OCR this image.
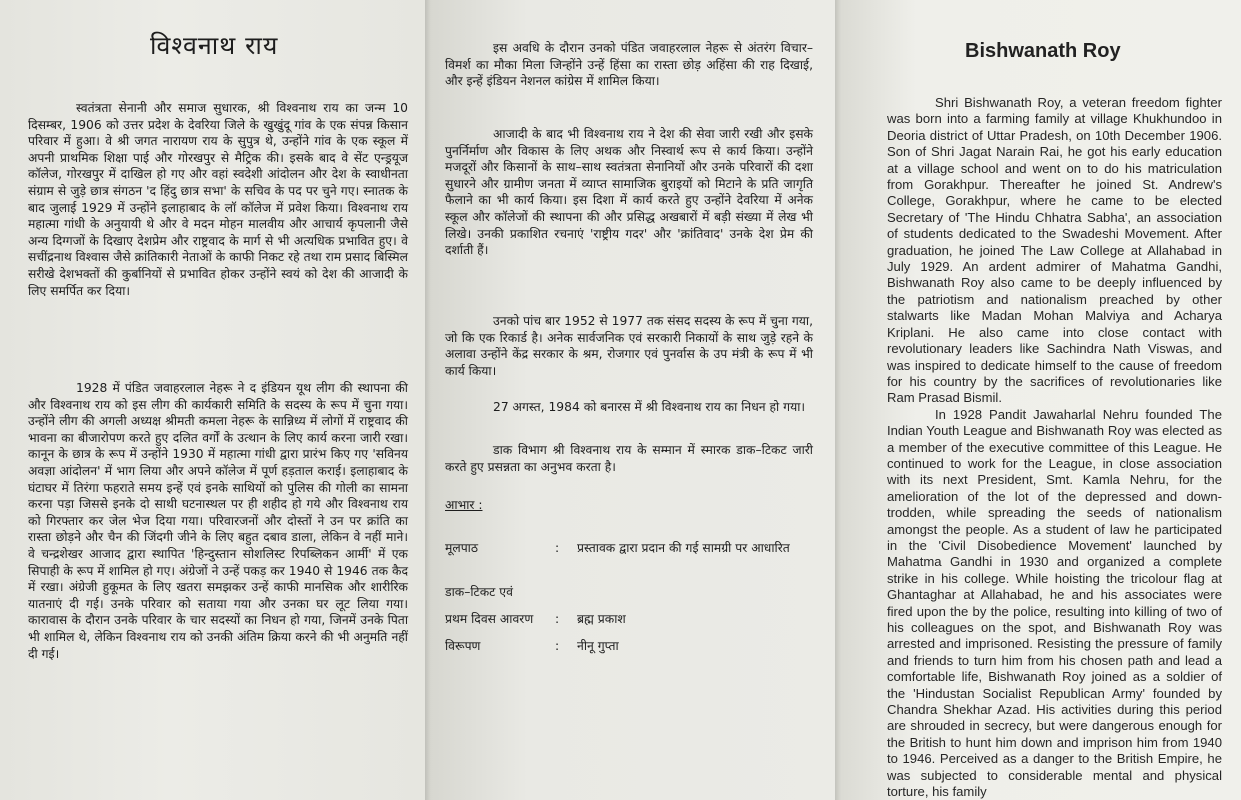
विश्वनाथ राय

स्वतंत्रता सेनानी और समाज सुधारक, श्री विश्वनाथ राय का जन्म 10 दिसम्बर, 1906 को उत्तर प्रदेश के देवरिया जिले के खुखुंदू गांव के एक संपन्न किसान परिवार में हुआ। वे श्री जगत नारायण राय के सुपुत्र थे, उन्होंने गांव के एक स्कूल में अपनी प्राथमिक शिक्षा पाई और गोरखपुर से मैट्रिक की। इसके बाद वे सेंट एन्ड्रयूज कॉलेज, गोरखपुर में दाखिल हो गए और वहां स्वदेशी आंदोलन और देश के स्वाधीनता संग्राम से जुड़े छात्र संगठन 'द हिंदु छात्र सभा' के सचिव के पद पर चुने गए। स्नातक के बाद जुलाई 1929 में उन्होंने इलाहाबाद के लॉ कॉलेज में प्रवेश किया। विश्वनाथ राय महात्मा गांधी के अनुयायी थे और वे मदन मोहन मालवीय और आचार्य कृपलानी जैसे अन्य दिग्गजों के दिखाए देशप्रेम और राष्ट्रवाद के मार्ग से भी अत्यधिक प्रभावित हुए। वे सचींद्रनाथ विश्वास जैसे क्रांतिकारी नेताओं के काफी निकट रहे तथा राम प्रसाद बिस्मिल सरीखे देशभक्तों की कुर्बानियों से प्रभावित होकर उन्होंने स्वयं को देश की आजादी के लिए समर्पित कर दिया।

1928 में पंडित जवाहरलाल नेहरू ने द इंडियन यूथ लीग की स्थापना की और विश्वनाथ राय को इस लीग की कार्यकारी समिति के सदस्य के रूप में चुना गया। उन्होंने लीग की अगली अध्यक्ष श्रीमती कमला नेहरू के सान्निध्य में लोगों में राष्ट्रवाद की भावना का बीजारोपण करते हुए दलित वर्गों के उत्थान के लिए कार्य करना जारी रखा। कानून के छात्र के रूप में उन्होंने 1930 में महात्मा गांधी द्वारा प्रारंभ किए गए 'सविनय अवज्ञा आंदोलन' में भाग लिया और अपने कॉलेज में पूर्ण हड़ताल कराई। इलाहाबाद के घंटाघर में तिरंगा फहराते समय इन्हें एवं इनके साथियों को पुलिस की गोली का सामना करना पड़ा जिससे इनके दो साथी घटनास्थल पर ही शहीद हो गये और विश्वनाथ राय को गिरफ्तार कर जेल भेज दिया गया। परिवारजनों और दोस्तों ने उन पर क्रांति का रास्ता छोड़ने और चैन की जिंदगी जीने के लिए बहुत दबाव डाला, लेकिन वे नहीं माने। वे चन्द्रशेखर आजाद द्वारा स्थापित 'हिन्दुस्तान सोशलिस्ट रिपब्लिकन आर्मी' में एक सिपाही के रूप में शामिल हो गए। अंग्रेजों ने उन्हें पकड़ कर 1940 से 1946 तक कैद में रखा। अंग्रेजी हुकूमत के लिए खतरा समझकर उन्हें काफी मानसिक और शारीरिक यातनाएं दी गई। उनके परिवार को सताया गया और उनका घर लूट लिया गया। कारावास के दौरान उनके परिवार के चार सदस्यों का निधन हो गया, जिनमें उनके पिता भी शामिल थे, लेकिन विश्वनाथ राय को उनकी अंतिम क्रिया करने की भी अनुमति नहीं दी गई।

इस अवधि के दौरान उनको पंडित जवाहरलाल नेहरू से अंतरंग विचार–विमर्श का मौका मिला जिन्होंने उन्हें हिंसा का रास्ता छोड़ अहिंसा की राह दिखाई, और इन्हें इंडियन नेशनल कांग्रेस में शामिल किया।

आजादी के बाद भी विश्वनाथ राय ने देश की सेवा जारी रखी और इसके पुनर्निर्माण और विकास के लिए अथक और निस्वार्थ रूप से कार्य किया। उन्होंने मजदूरों और किसानों के साथ–साथ स्वतंत्रता सेनानियों और उनके परिवारों की दशा सुधारने और ग्रामीण जनता में व्याप्त सामाजिक बुराइयों को मिटाने के प्रति जागृति फैलाने का भी कार्य किया। इस दिशा में कार्य करते हुए उन्होंने देवरिया में अनेक स्कूल और कॉलेजों की स्थापना की और प्रसिद्ध अखबारों में बड़ी संख्या में लेख भी लिखे। उनकी प्रकाशित रचनाएं 'राष्ट्रीय गदर' और 'क्रांतिवाद' उनके देश प्रेम की दर्शाती हैं।

उनको पांच बार 1952 से 1977 तक संसद सदस्य के रूप में चुना गया, जो कि एक रिकार्ड है। अनेक सार्वजनिक एवं सरकारी निकायों के साथ जुड़े रहने के अलावा उन्होंने केंद्र सरकार के श्रम, रोजगार एवं पुनर्वास के उप मंत्री के रूप में भी कार्य किया।

27 अगस्त, 1984 को बनारस में श्री विश्वनाथ राय का निधन हो गया।

डाक विभाग श्री विश्वनाथ राय के सम्मान में स्मारक डाक–टिकट जारी करते हुए प्रसन्नता का अनुभव करता है।

आभार :
मूलपाठ	: प्रस्तावक द्वारा प्रदान की गई सामग्री पर आधारित
डाक–टिकट एवं
प्रथम दिवस आवरण : ब्रह्म प्रकाश
विरूपण	: नीनू गुप्ता
Bishwanath Roy

Shri Bishwanath Roy, a veteran freedom fighter was born into a farming family at village Khukhundoo in Deoria district of Uttar Pradesh, on 10th December 1906. Son of Shri Jagat Narain Rai, he got his early education at a village school and went on to do his matriculation from Gorakhpur. Thereafter he joined St. Andrew's College, Gorakhpur, where he came to be elected Secretary of 'The Hindu Chhatra Sabha', an association of students dedicated to the Swadeshi Movement. After graduation, he joined The Law College at Allahabad in July 1929. An ardent admirer of Mahatma Gandhi, Bishwanath Roy also came to be deeply influenced by the patriotism and nationalism preached by other stalwarts like Madan Mohan Malviya and Acharya Kriplani. He also came into close contact with revolutionary leaders like Sachindra Nath Viswas, and was inspired to dedicate himself to the cause of freedom for his country by the sacrifices of revolutionaries like Ram Prasad Bismil.

In 1928 Pandit Jawaharlal Nehru founded The Indian Youth League and Bishwanath Roy was elected as a member of the executive committee of this League. He continued to work for the League, in close association with its next President, Smt. Kamla Nehru, for the amelioration of the lot of the depressed and down-trodden, while spreading the seeds of nationalism amongst the people. As a student of law he participated in the 'Civil Disobedience Movement' launched by Mahatma Gandhi in 1930 and organized a complete strike in his college. While hoisting the tricolour flag at Ghantaghar at Allahabad, he and his associates were fired upon the by the police, resulting into killing of two of his colleagues on the spot, and Bishwanath Roy was arrested and imprisoned. Resisting the pressure of family and friends to turn him from his chosen path and lead a comfortable life, Bishwanath Roy joined as a soldier of the 'Hindustan Socialist Republican Army' founded by Chandra Shekhar Azad. His activities during this period are shrouded in secrecy, but were dangerous enough for the British to hunt him down and imprison him from 1940 to 1946. Perceived as a danger to the British Empire, he was subjected to considerable mental and physical torture, his family
